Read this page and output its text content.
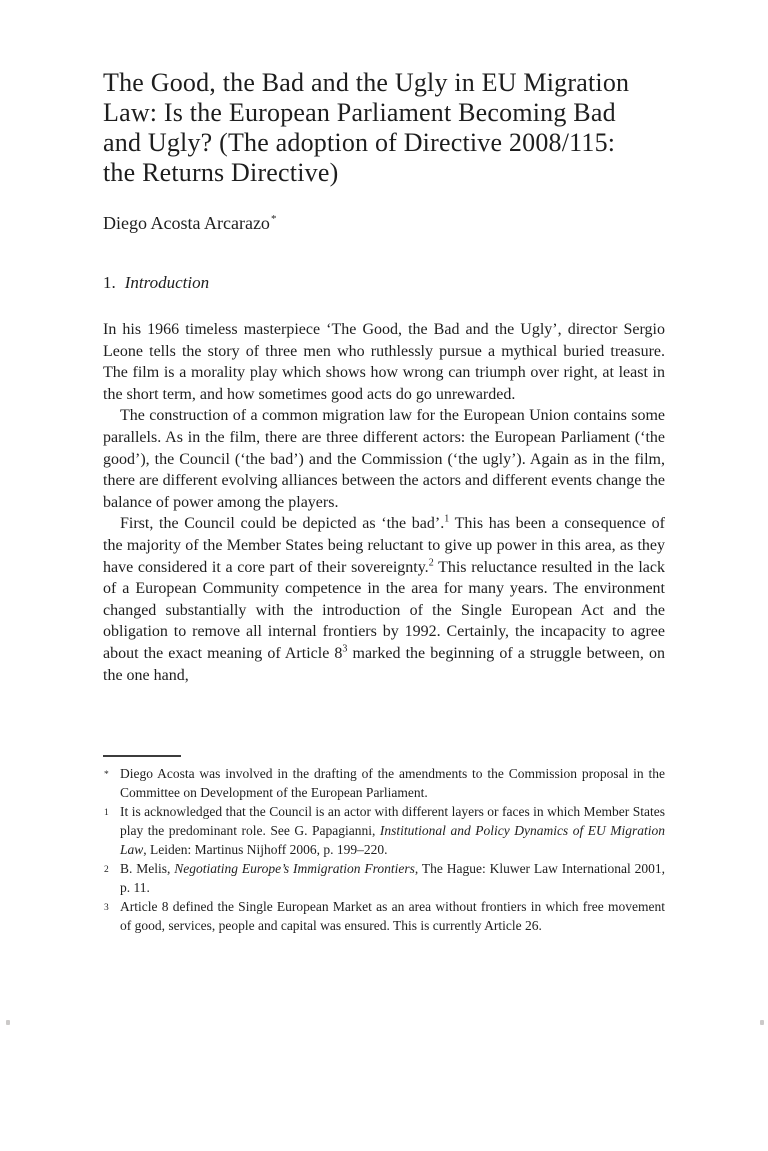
The Good, the Bad and the Ugly in EU Migration
Law: Is the European Parliament Becoming Bad
and Ugly? (The adoption of Directive 2008/115:
the Returns Directive)
Diego Acosta Arcarazo*
1. Introduction

In his 1966 timeless masterpiece ‘The Good, the Bad and the Ugly’, director Sergio Leone tells the story of three men who ruthlessly pursue a mythical buried treasure. The film is a morality play which shows how wrong can triumph over right, at least in the short term, and how sometimes good acts do go unrewarded.

The construction of a common migration law for the European Union contains some parallels. As in the film, there are three different actors: the European Parliament (‘the good’), the Council (‘the bad’) and the Commission (‘the ugly’). Again as in the film, there are different evolving alliances between the actors and different events change the balance of power among the players.

First, the Council could be depicted as ‘the bad’.$^1$ This has been a consequence of the majority of the Member States being reluctant to give up power in this area, as they have considered it a core part of their sovereignty.$^2$ This reluctance resulted in the lack of a European Community competence in the area for many years. The environment changed substantially with the introduction of the Single European Act and the obligation to remove all internal frontiers by 1992. Certainly, the incapacity to agree about the exact meaning of Article 8$^3$ marked the beginning of a struggle between, on the one hand,

* Diego Acosta was involved in the drafting of the amendments to the Commission proposal in the Committee on Development of the European Parliament.
1 It is acknowledged that the Council is an actor with different layers or faces in which Member States play the predominant role. See G. Papagianni, Institutional and Policy Dynamics of EU Migration Law, Leiden: Martinus Nijhoff 2006, p. 199–220.
2 B. Melis, Negotiating Europe’s Immigration Frontiers, The Hague: Kluwer Law International 2001, p. 11.
3 Article 8 defined the Single European Market as an area without frontiers in which free movement of good, services, people and capital was ensured. This is currently Article 26.
